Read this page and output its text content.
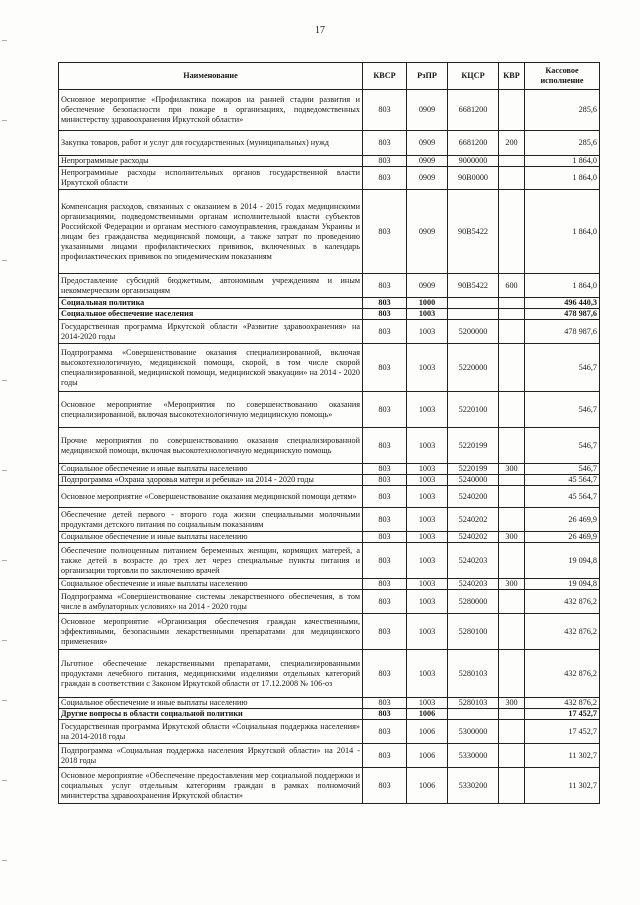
17
Наименование	КВСР	РзПР	КЦСР	КВР	Кассовое исполнение
Основное мероприятие «Профилактика пожаров на ранней стадии развития и обеспечение безопасности при пожаре в организациях, подведомственных министерству здравоохранения Иркутской области»	803	0909	6681200		285,6
Закупка товаров, работ и услуг для государственных (муниципальных) нужд	803	0909	6681200	200	285,6
Непрограммные расходы	803	0909	9000000		1 864,0
Непрограммные расходы исполнительных органов государственной власти Иркутской области	803	0909	90В0000		1 864,0
Компенсация расходов, связанных с оказанием в 2014 - 2015 годах медицинскими организациями, подведомственными органам исполнительной власти субъектов Российской Федерации и органам местного самоуправления, гражданам Украины и лицам без гражданства медицинской помощи, а также затрат по проведению указанными лицами профилактических прививок, включенных в календарь профилактических прививок по эпидемическим показаниям	803	0909	90В5422		1 864,0
Предоставление субсидий бюджетным, автономным учреждениям и иным некоммерческим организациям	803	0909	90В5422	600	1 864,0
Социальная политика	803	1000			496 440,3
Социальное обеспечение населения	803	1003			478 987,6
Государственная программа Иркутской области «Развитие здравоохранения» на 2014-2020 годы	803	1003	5200000		478 987,6
Подпрограмма «Совершенствование оказания специализированной, включая высокотехнологичную, медицинской помощи, скорой, в том числе скорой специализированной, медицинской помощи, медицинской эвакуации» на 2014 - 2020 годы	803	1003	5220000		546,7
Основное мероприятие «Мероприятия по совершенствованию оказания специализированной, включая высокотехнологичную медицинскую помощь»	803	1003	5220100		546,7
Прочие мероприятия по совершенствованию оказания специализированной медицинской помощи, включая высокотехнологичную медицинскую помощь	803	1003	5220199		546,7
Социальное обеспечение и иные выплаты населению	803	1003	5220199	300	546,7
Подпрограмма «Охрана здоровья матери и ребенка» на 2014 - 2020 годы	803	1003	5240000		45 564,7
Основное мероприятие «Совершенствование оказания медицинской помощи детям»	803	1003	5240200		45 564,7
Обеспечение детей первого - второго года жизни специальными молочными продуктами детского питания по социальным показаниям	803	1003	5240202		26 469,9
Социальное обеспечение и иные выплаты населению	803	1003	5240202	300	26 469,9
Обеспечение полноценным питанием беременных женщин, кормящих матерей, а также детей в возрасте до трех лет через специальные пункты питания и организации торговли по заключению врачей	803	1003	5240203		19 094,8
Социальное обеспечение и иные выплаты населению	803	1003	5240203	300	19 094,8
Подпрограмма «Совершенствование системы лекарственного обеспечения, в том числе в амбулаторных условиях» на 2014 - 2020 годы	803	1003	5280000		432 876,2
Основное мероприятие «Организация обеспечения граждан качественными, эффективными, безопасными лекарственными препаратами для медицинского применения»	803	1003	5280100		432 876,2
Льготное обеспечение лекарственными препаратами, специализированными продуктами лечебного питания, медицинскими изделиями отдельных категорий граждан в соответствии с Законом Иркутской области от 17.12.2008 № 106-оз	803	1003	5280103		432 876,2
Социальное обеспечение и иные выплаты населению	803	1003	5280103	300	432 876,2
Другие вопросы в области социальной политики	803	1006			17 452,7
Государственная программа Иркутской области «Социальная поддержка населения» на 2014-2018 годы	803	1006	5300000		17 452,7
Подпрограмма «Социальная поддержка населения Иркутской области» на 2014 - 2018 годы	803	1006	5330000		11 302,7
Основное мероприятие «Обеспечение предоставления мер социальной поддержки и социальных услуг отдельным категориям граждан в рамках полномочий министерства здравоохранения Иркутской области»	803	1006	5330200		11 302,7
